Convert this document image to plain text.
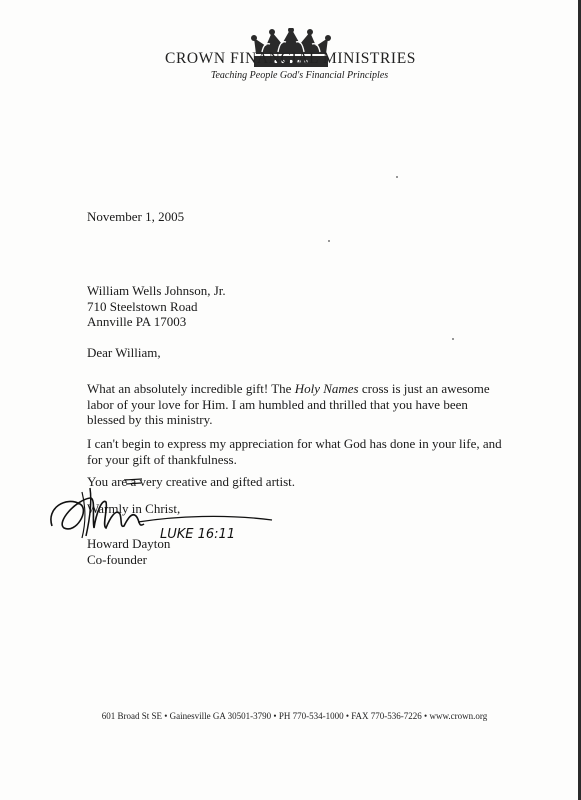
CROWN FINANCIAL MINISTRIES
Teaching People God's Financial Principles
November 1, 2005
William Wells Johnson, Jr.
710 Steelstown Road
Annville PA 17003
Dear William,
What an absolutely incredible gift! The Holy Names cross is just an awesome labor of your love for Him. I am humbled and thrilled that you have been blessed by this ministry.
I can't begin to express my appreciation for what God has done in your life, and for your gift of thankfulness.
You are a very creative and gifted artist.
Warmly in Christ,
LUKE 16:11
Howard Dayton
Co-founder
601 Broad St SE • Gainesville GA 30501-3790 • PH 770-534-1000 • FAX 770-536-7226 • www.crown.org
